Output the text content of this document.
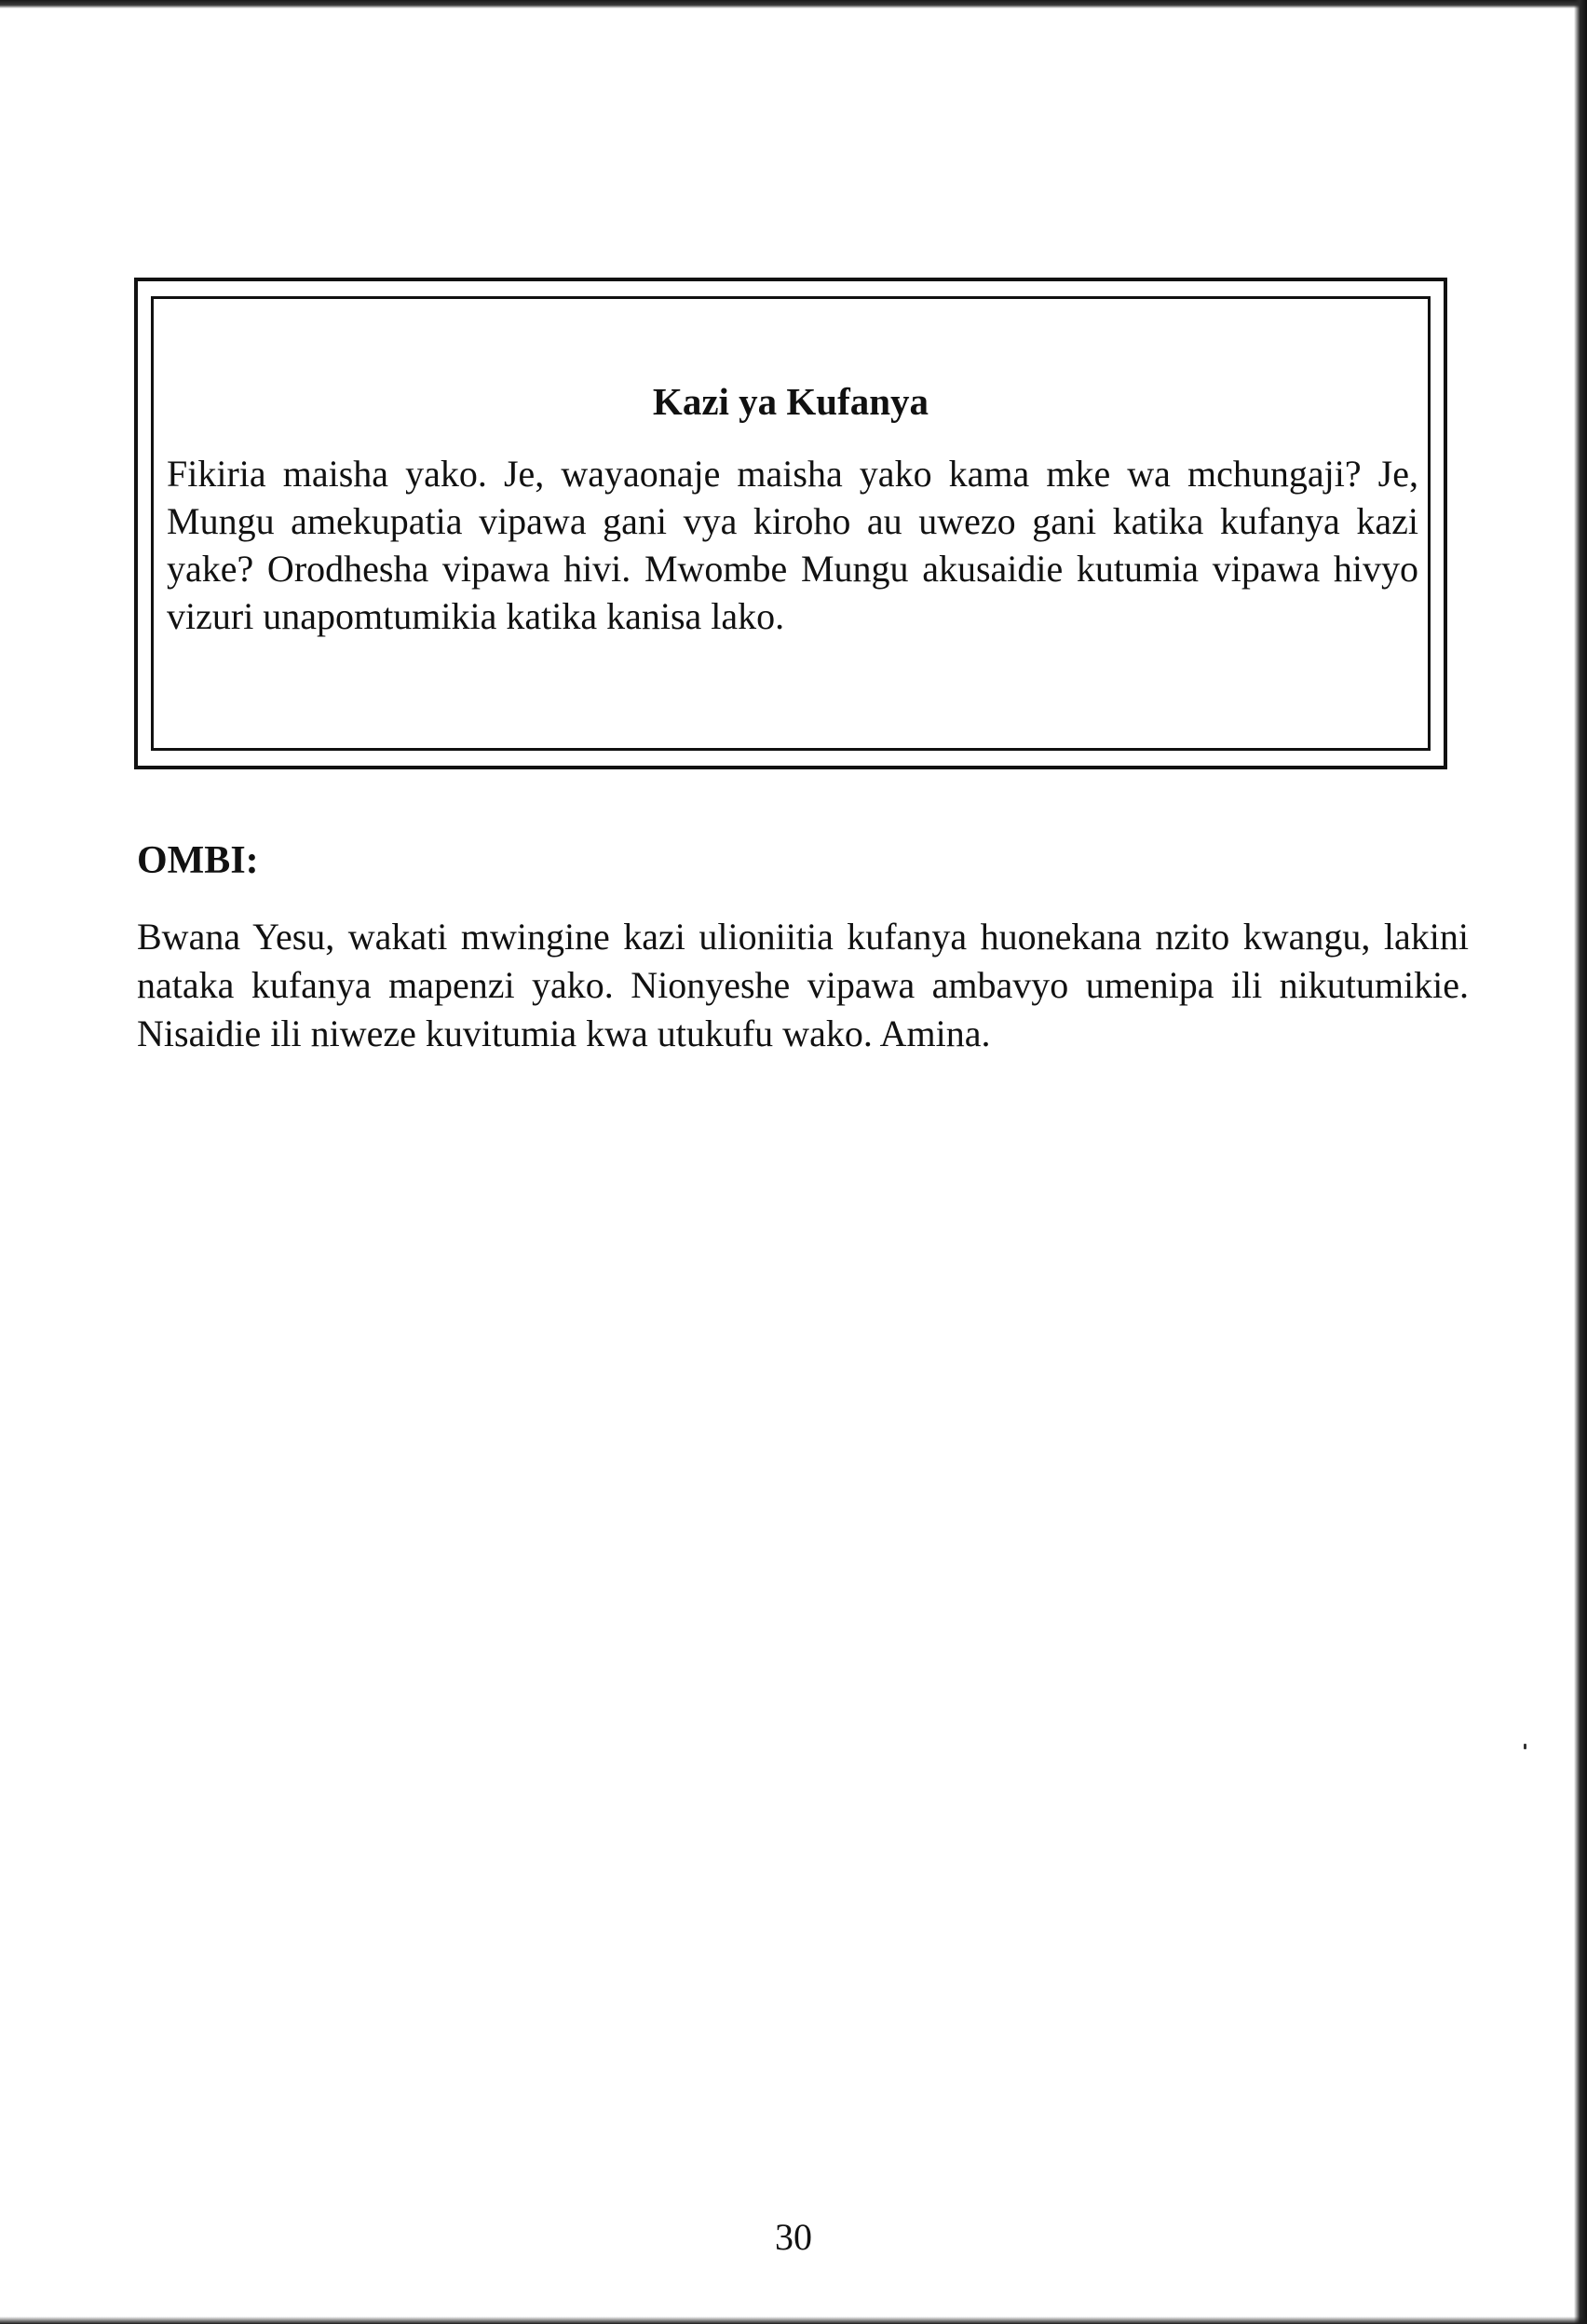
Kazi ya Kufanya
Fikiria maisha yako. Je, wayaonaje maisha yako kama mke wa mchungaji? Je, Mungu amekupatia vipawa gani vya kiroho au uwezo gani katika kufanya kazi yake? Orodhesha vipawa hivi. Mwombe Mungu akusaidie kutumia vipawa hivyo vizuri unapomtumikia katika kanisa lako.
OMBI:
Bwana Yesu, wakati mwingine kazi ulioniitia kufanya huonekana nzito kwangu, lakini nataka kufanya mapenzi yako. Nionyeshe vipawa ambavyo umenipa ili nikutumikie. Nisaidie ili niweze kuvitumia kwa utukufu wako. Amina.
30
